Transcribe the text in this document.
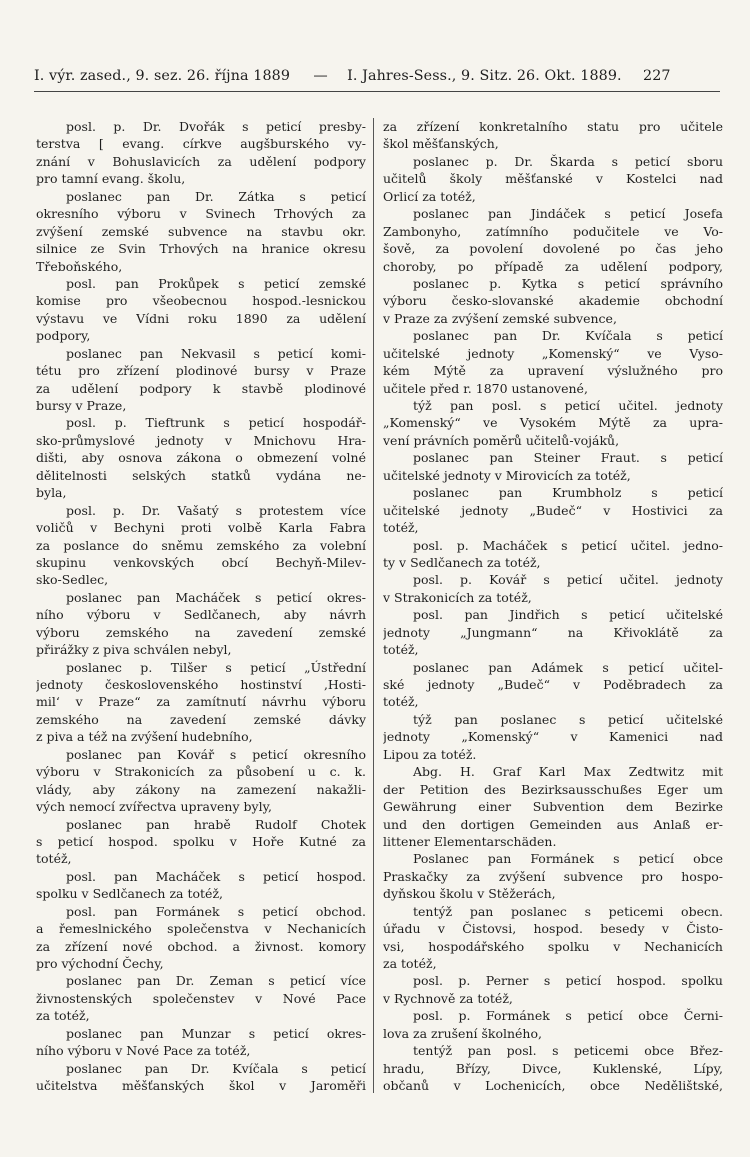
I. výr. zased., 9. sez. 26. října 1889 — I. Jahres-Sess., 9. Sitz. 26. Okt. 1889. 227
posl. p. Dr. Dvořák s peticí presby-
terstva [ evang. církve augšburského vy-
znání v Bohuslavicích za udělení podpory
pro tamní evang. školu,
poslanec pan Dr. Zátka s peticí
okresního výboru v Svinech Trhových za
zvýšení zemské subvence na stavbu okr.
silnice ze Svin Trhových na hranice okresu
Třeboňského,
posl. pan Prokůpek s peticí zemské
komise pro všeobecnou hospod.-lesnickou
výstavu ve Vídni roku 1890 za udělení
podpory,
poslanec pan Nekvasil s peticí komi-
tétu pro zřízení plodinové bursy v Praze
za udělení podpory k stavbě plodinové
bursy v Praze,
posl. p. Tieftrunk s peticí hospodář-
sko-průmyslové jednoty v Mnichovu Hra-
dišti, aby osnova zákona o obmezení volné
dělitelnosti selských statků vydána ne-
byla,
posl. p. Dr. Vašatý s protestem více
voličů v Bechyni proti volbě Karla Fabra
za poslance do sněmu zemského za volební
skupinu venkovských obcí Bechyň-Milev-
sko-Sedlec,
poslanec pan Macháček s peticí okres-
ního výboru v Sedlčanech, aby návrh
výboru zemského na zavedení zemské
přirážky z piva schválen nebyl,
poslanec p. Tilšer s peticí „Ústřední
jednoty československého hostinství ‚Hosti-
mil‘ v Praze“ za zamítnutí návrhu výboru
zemského na zavedení zemské dávky
z piva a též na zvýšení hudebního,
poslanec pan Kovář s peticí okresního
výboru v Strakonicích za působení u c. k.
vlády, aby zákony na zamezení nakažli-
vých nemocí zvířectva upraveny byly,
poslanec pan hrabě Rudolf Chotek
s peticí hospod. spolku v Hoře Kutné za
totéž,
posl. pan Macháček s peticí hospod.
spolku v Sedlčanech za totéž,
posl. pan Formánek s peticí obchod.
a řemeslnického společenstva v Nechanicích
za zřízení nové obchod. a živnost. komory
pro východní Čechy,
poslanec pan Dr. Zeman s peticí více
živnostenských společenstev v Nové Pace
za totéž,
poslanec pan Munzar s peticí okres-
ního výboru v Nové Pace za totéž,
poslanec pan Dr. Kvíčala s peticí
učitelstva měšťanských škol v Jaroměři
za zřízení konkretalního statu pro učitele
škol měšťanských,
poslanec p. Dr. Škarda s peticí sboru
učitelů školy měšťanské v Kostelci nad
Orlicí za totéž,
poslanec pan Jindáček s peticí Josefa
Zambonyho, zatímního podučitele ve Vo-
šově, za povolení dovolené po čas jeho
choroby, po případě za udělení podpory,
poslanec p. Kytka s peticí správního
výboru česko-slovanské akademie obchodní
v Praze za zvýšení zemské subvence,
poslanec pan Dr. Kvíčala s peticí
učitelské jednoty „Komenský“ ve Vyso-
kém Mýtě za upravení výslužného pro
učitele před r. 1870 ustanovené,
týž pan posl. s peticí učitel. jednoty
„Komenský“ ve Vysokém Mýtě za upra-
vení právních poměrů učitelů-vojáků,
poslanec pan Steiner Fraut. s peticí
učitelské jednoty v Mirovicích za totéž,
poslanec pan Krumbholz s peticí
učitelské jednoty „Budeč“ v Hostivici za
totéž,
posl. p. Macháček s peticí učitel. jedno-
ty v Sedlčanech za totéž,
posl. p. Kovář s peticí učitel. jednoty
v Strakonicích za totéž,
posl. pan Jindřich s peticí učitelské
jednoty „Jungmann“ na Křivoklátě za
totéž,
poslanec pan Adámek s peticí učitel-
ské jednoty „Budeč“ v Poděbradech za
totéž,
týž pan poslanec s peticí učitelské
jednoty „Komenský“ v Kamenici nad
Lipou za totéž.
Abg. H. Graf Karl Max Zedtwitz mit
der Petition des Bezirksausschußes Eger um
Gewährung einer Subvention dem Bezirke
und den dortigen Gemeinden aus Anlaß er-
littener Elementarschäden.
Poslanec pan Formánek s peticí obce
Praskačky za zvýšení subvence pro hospo-
dyňskou školu v Stěžerách,
tentýž pan poslanec s peticemi obecn.
úřadu v Čistovsi, hospod. besedy v Čisto-
vsi, hospodářského spolku v Nechanicích
za totéž,
posl. p. Perner s peticí hospod. spolku
v Rychnově za totéž,
posl. p. Formánek s peticí obce Černi-
lova za zrušení školného,
tentýž pan posl. s peticemi obce Břez-
hradu, Břízy, Divce, Kuklenské, Lípy,
občanů v Lochenicích, obce Nedělištské,
